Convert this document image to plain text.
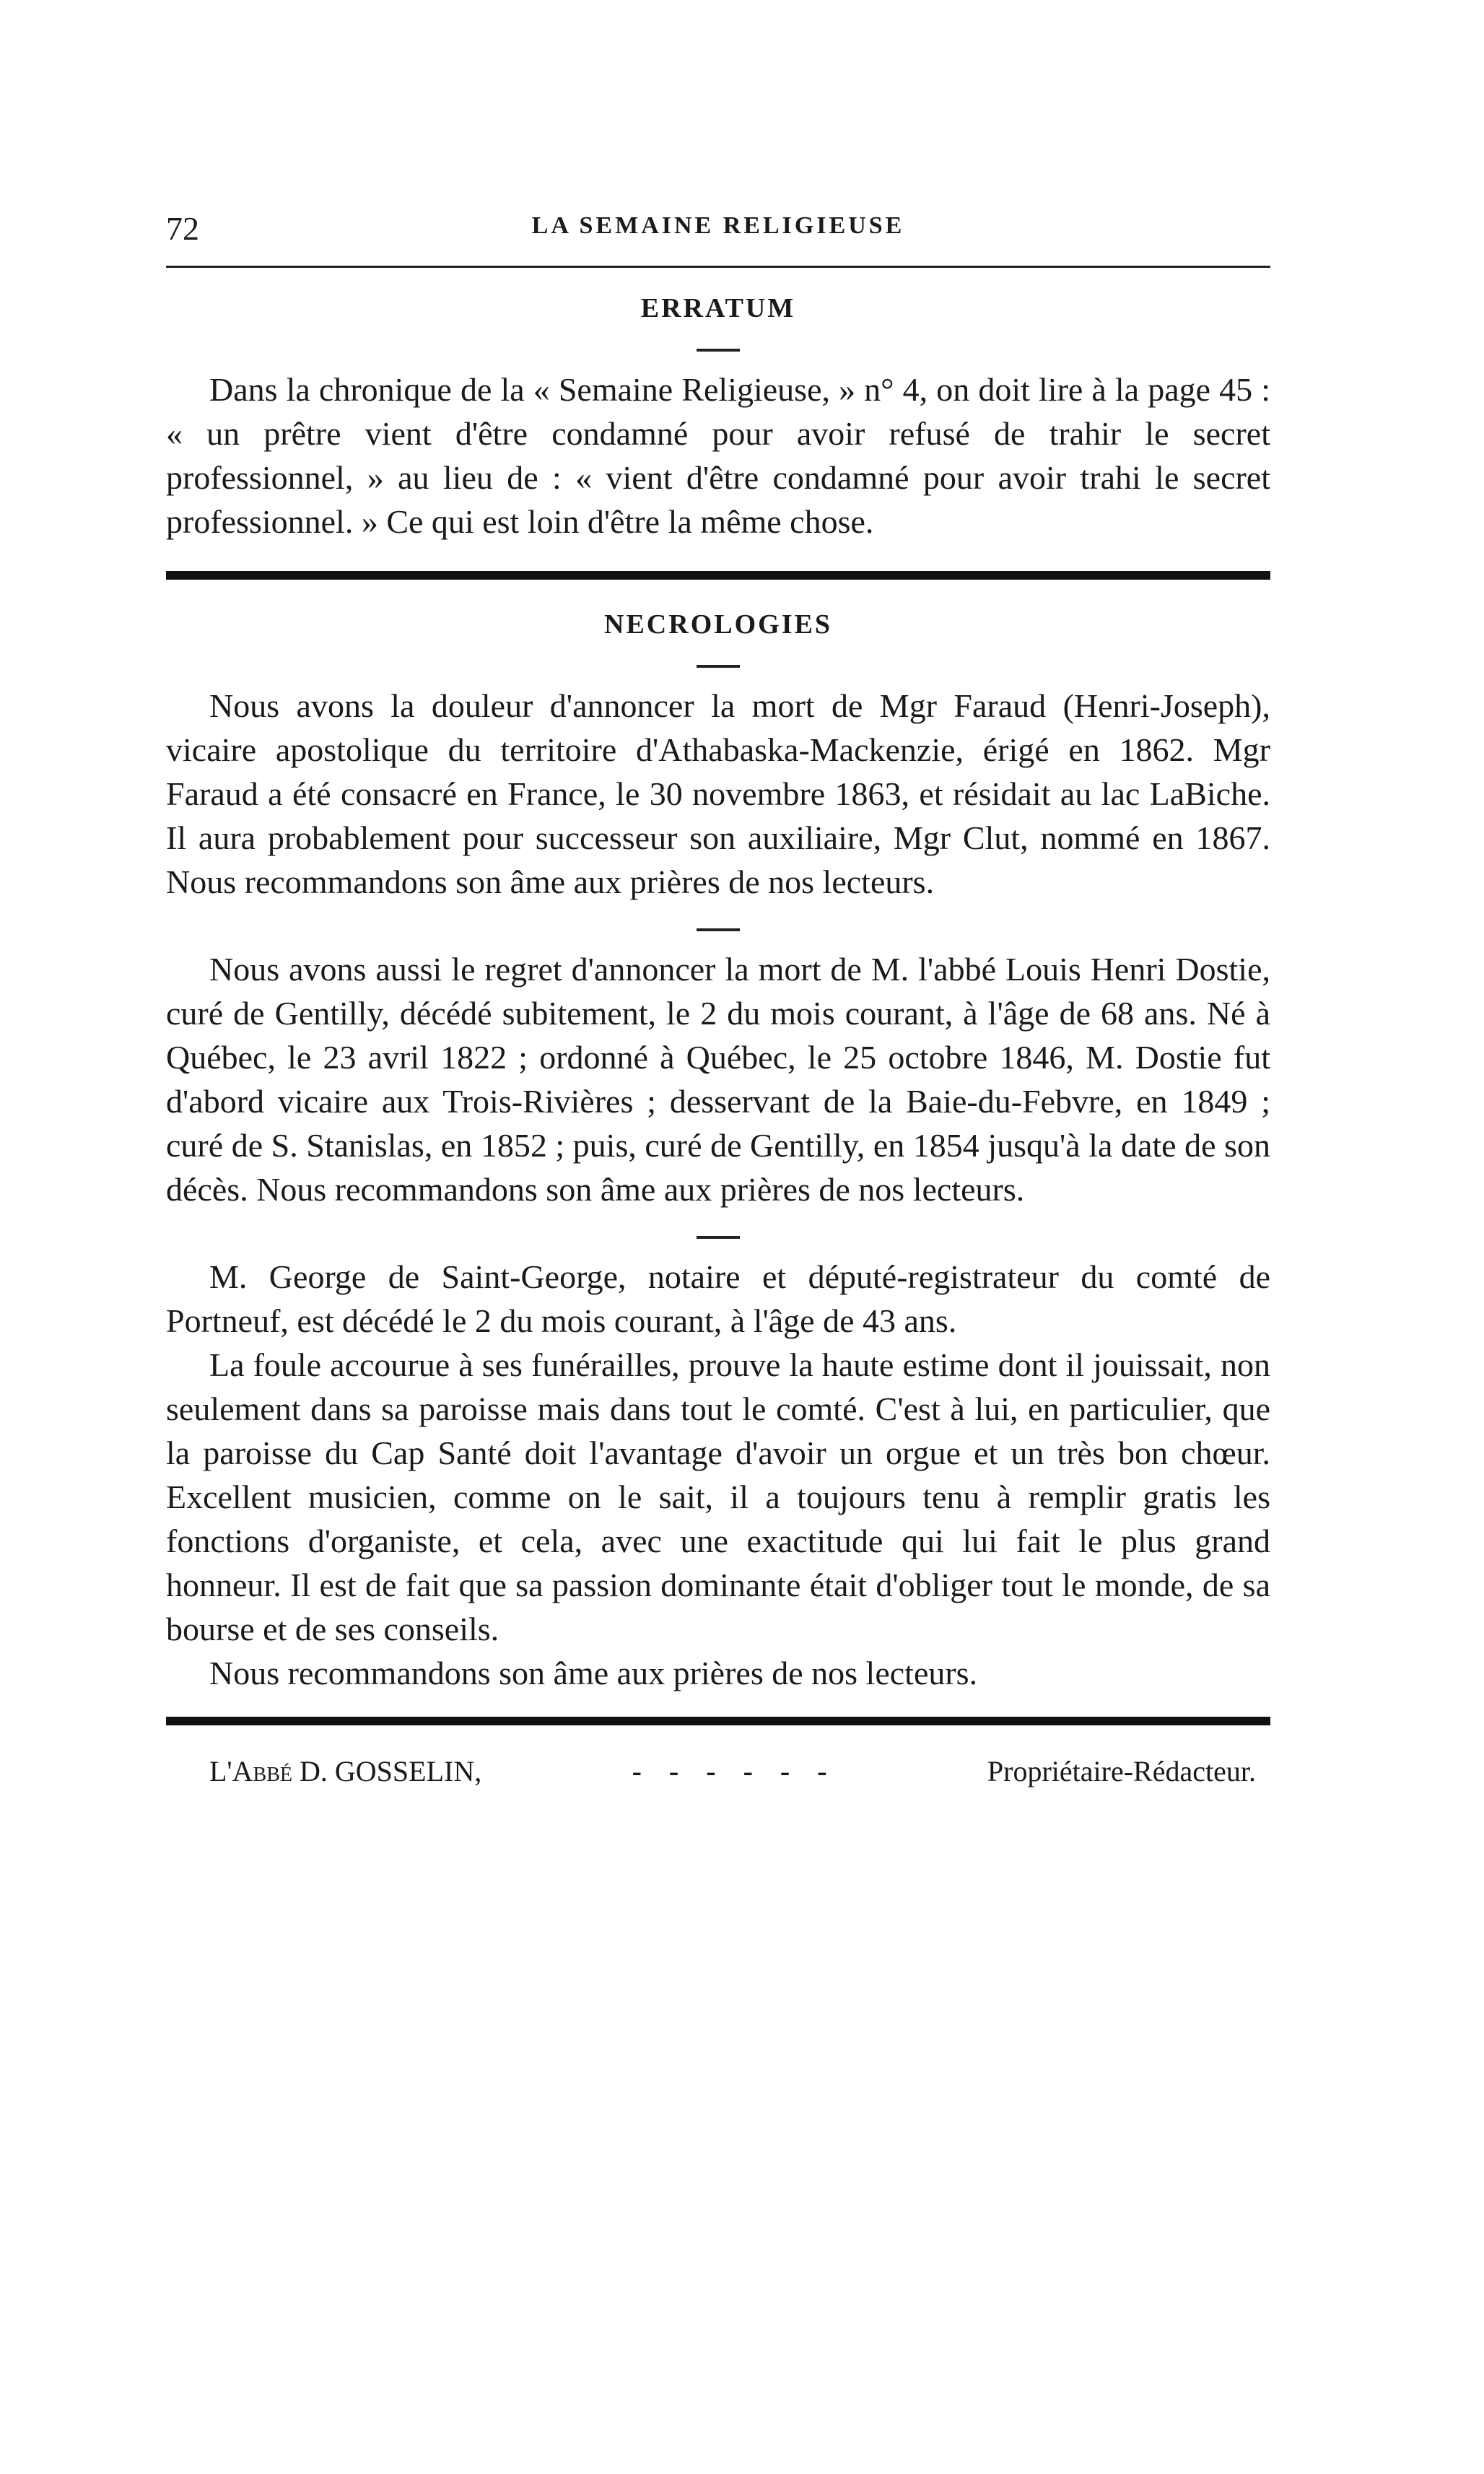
72	LA SEMAINE RELIGIEUSE
ERRATUM

Dans la chronique de la « Semaine Religieuse, » n° 4, on doit lire à la page 45 : « un prêtre vient d'être condamné pour avoir refusé de trahir le secret professionnel, » au lieu de : « vient d'être condamné pour avoir trahi le secret professionnel. » Ce qui est loin d'être la même chose.

NECROLOGIES

Nous avons la douleur d'annoncer la mort de Mgr Faraud (Henri-Joseph), vicaire apostolique du territoire d'Athabaska-Mackenzie, érigé en 1862. Mgr Faraud a été consacré en France, le 30 novembre 1863, et résidait au lac LaBiche. Il aura probablement pour successeur son auxiliaire, Mgr Clut, nommé en 1867. Nous recommandons son âme aux prières de nos lecteurs.

Nous avons aussi le regret d'annoncer la mort de M. l'abbé Louis Henri Dostie, curé de Gentilly, décédé subitement, le 2 du mois courant, à l'âge de 68 ans. Né à Québec, le 23 avril 1822 ; ordonné à Québec, le 25 octobre 1846, M. Dostie fut d'abord vicaire aux Trois-Rivières ; desservant de la Baie-du-Febvre, en 1849 ; curé de S. Stanislas, en 1852 ; puis, curé de Gentilly, en 1854 jusqu'à la date de son décès. Nous recommandons son âme aux prières de nos lecteurs.

M. George de Saint-George, notaire et député-registrateur du comté de Portneuf, est décédé le 2 du mois courant, à l'âge de 43 ans.

La foule accourue à ses funérailles, prouve la haute estime dont il jouissait, non seulement dans sa paroisse mais dans tout le comté. C'est à lui, en particulier, que la paroisse du Cap Santé doit l'avantage d'avoir un orgue et un très bon chœur. Excellent musicien, comme on le sait, il a toujours tenu à remplir gratis les fonctions d'organiste, et cela, avec une exactitude qui lui fait le plus grand honneur. Il est de fait que sa passion dominante était d'obliger tout le monde, de sa bourse et de ses conseils.

Nous recommandons son âme aux prières de nos lecteurs.

L'Abbé D. GOSSELIN,	- - - - - -	Propriétaire-Rédacteur.
